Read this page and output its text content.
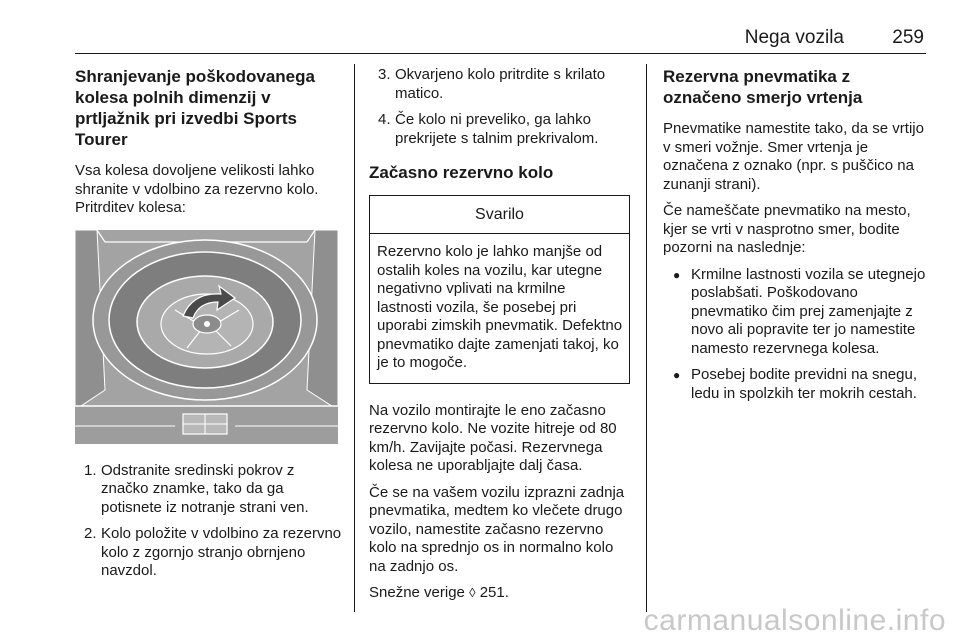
Nega vozila	259
Shranjevanje poškodovanega kolesa polnih dimenzij v prtljažnik pri izvedbi Sports Tourer

Vsa kolesa dovoljene velikosti lahko shranite v vdolbino za rezervno kolo. Pritrditev kolesa:

1. Odstranite sredinski pokrov z značko znamke, tako da ga potisnete iz notranje strani ven.
2. Kolo položite v vdolbino za rezervno kolo z zgornjo stranjo obrnjeno navzdol.
3. Okvarjeno kolo pritrdite s krilato matico.
4. Če kolo ni preveliko, ga lahko prekrijete s talnim prekrivalom.
Začasno rezervno kolo
Svarilo
Rezervno kolo je lahko manjše od ostalih koles na vozilu, kar utegne negativno vplivati na krmilne lastnosti vozila, še posebej pri uporabi zimskih pnevmatik. Defektno pnevmatiko dajte zamenjati takoj, ko je to mogoče.

Na vozilo montirajte le eno začasno rezervno kolo. Ne vozite hitreje od 80 km/h. Zavijajte počasi. Rezervnega kolesa ne uporabljajte dalj časa.

Če se na vašem vozilu izprazni zadnja pnevmatika, medtem ko vlečete drugo vozilo, namestite začasno rezervno kolo na sprednjo os in normalno kolo na zadnjo os.

Snežne verige ◊ 251.

Rezervna pnevmatika z označeno smerjo vrtenja

Pnevmatike namestite tako, da se vrtijo v smeri vožnje. Smer vrtenja je označena z oznako (npr. s puščico na zunanji strani).

Če nameščate pnevmatiko na mesto, kjer se vrti v nasprotno smer, bodite pozorni na naslednje:

● Krmilne lastnosti vozila se utegnejo poslabšati. Poškodovano pnevmatiko čim prej zamenjajte z novo ali popravite ter jo namestite namesto rezervnega kolesa.
● Posebej bodite previdni na snegu, ledu in spolzkih ter mokrih cestah.
carmanualsonline.info
